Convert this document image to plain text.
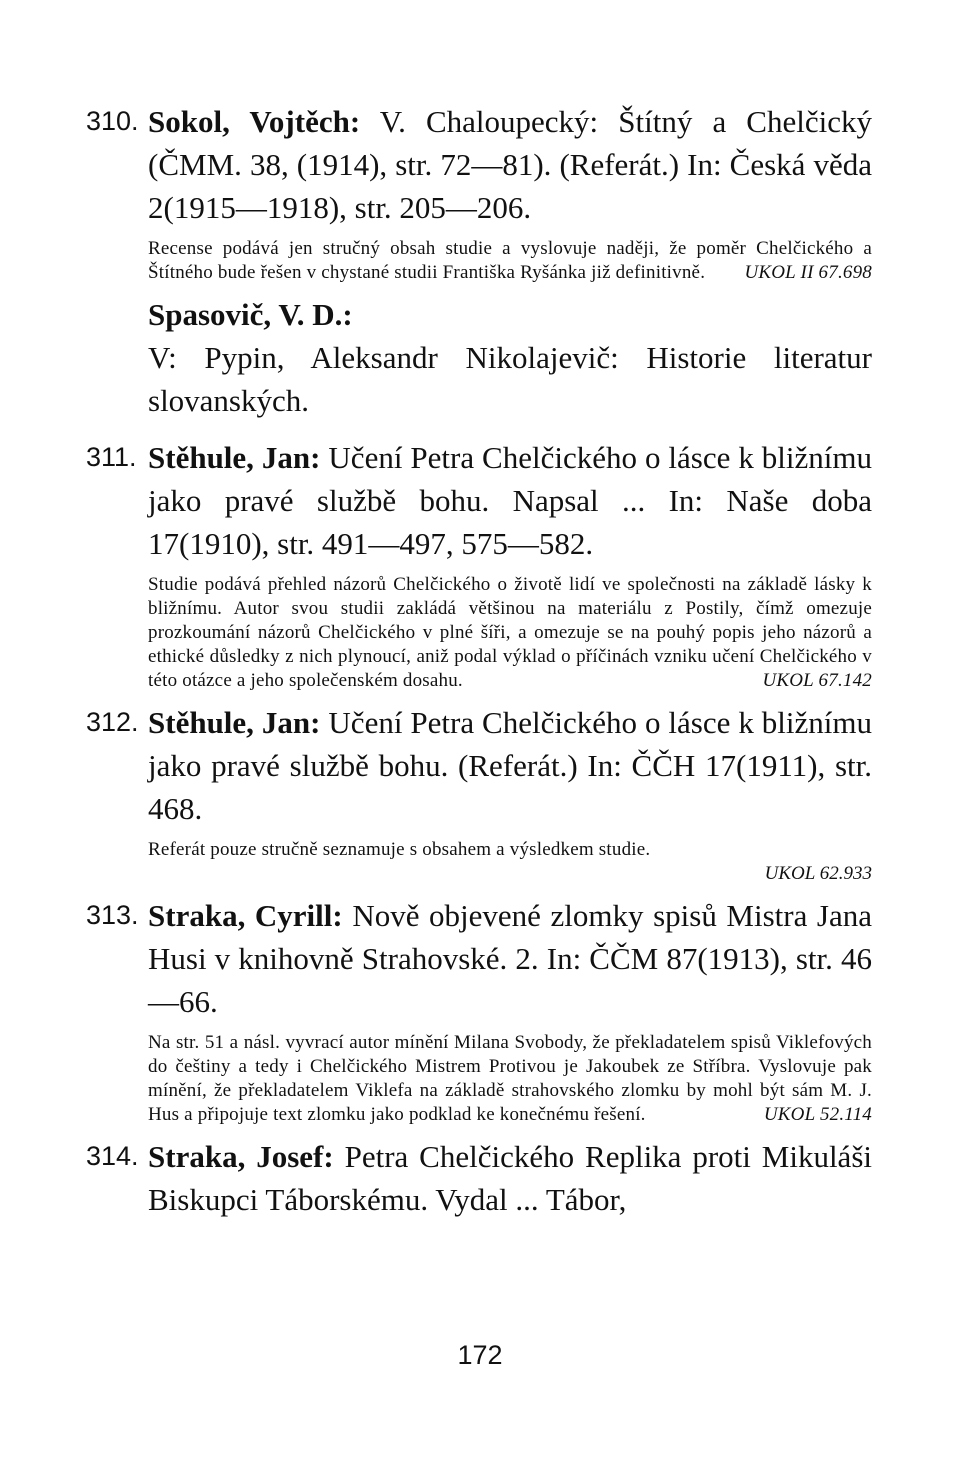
310. Sokol, Vojtěch: V. Chaloupecký: Štítný a Chelčický (ČMM. 38, (1914), str. 72—81). (Referát.) In: Česká věda 2(1915—1918), str. 205—206.

Recense podává jen stručný obsah studie a vyslovuje naději, že poměr Chelčického a Štítného bude řešen v chystané studii Františka Ryšánka již definitivně. UKOL II 67.698

Spasovič, V. D.:
V: Pypin, Aleksandr Nikolajevič: Historie literatur slovanských.

311. Stěhule, Jan: Učení Petra Chelčického o lásce k bližnímu jako pravé službě bohu. Napsal ... In: Naše doba 17(1910), str. 491—497, 575—582.

Studie podává přehled názorů Chelčického o životě lidí ve společnosti na základě lásky k bližnímu. Autor svou studii zakládá většinou na materiálu z Postily, čímž omezuje prozkoumání názorů Chelčického v plné šíři, a omezuje se na pouhý popis jeho názorů a ethické důsledky z nich plynoucí, aniž podal výklad o příčinách vzniku učení Chelčického v této otázce a jeho společenském dosahu.	UKOL 67.142

312. Stěhule, Jan: Učení Petra Chelčického o lásce k bližnímu jako pravé službě bohu. (Referát.) In: ČČH 17(1911), str. 468.

Referát pouze stručně seznamuje s obsahem a výsledkem studie.

UKOL 62.933
313. Straka, Cyrill: Nově objevené zlomky spisů Mistra Jana Husi v knihovně Strahovské. 2. In: ČČM 87(1913), str. 46—66.

Na str. 51 a násl. vyvrací autor mínění Milana Svobody, že překladatelem spisů Viklefových do češtiny a tedy i Chelčického Mistrem Protivou je Jakoubek ze Stříbra. Vyslovuje pak mínění, že překladatelem Viklefa na základě strahovského zlomku by mohl být sám M. J. Hus a připojuje text zlomku jako podklad ke konečnému řešení.	UKOL 52.114

314. Straka, Josef: Petra Chelčického Replika proti Mikuláši Biskupci Táborskému. Vydal ... Tábor,

172
